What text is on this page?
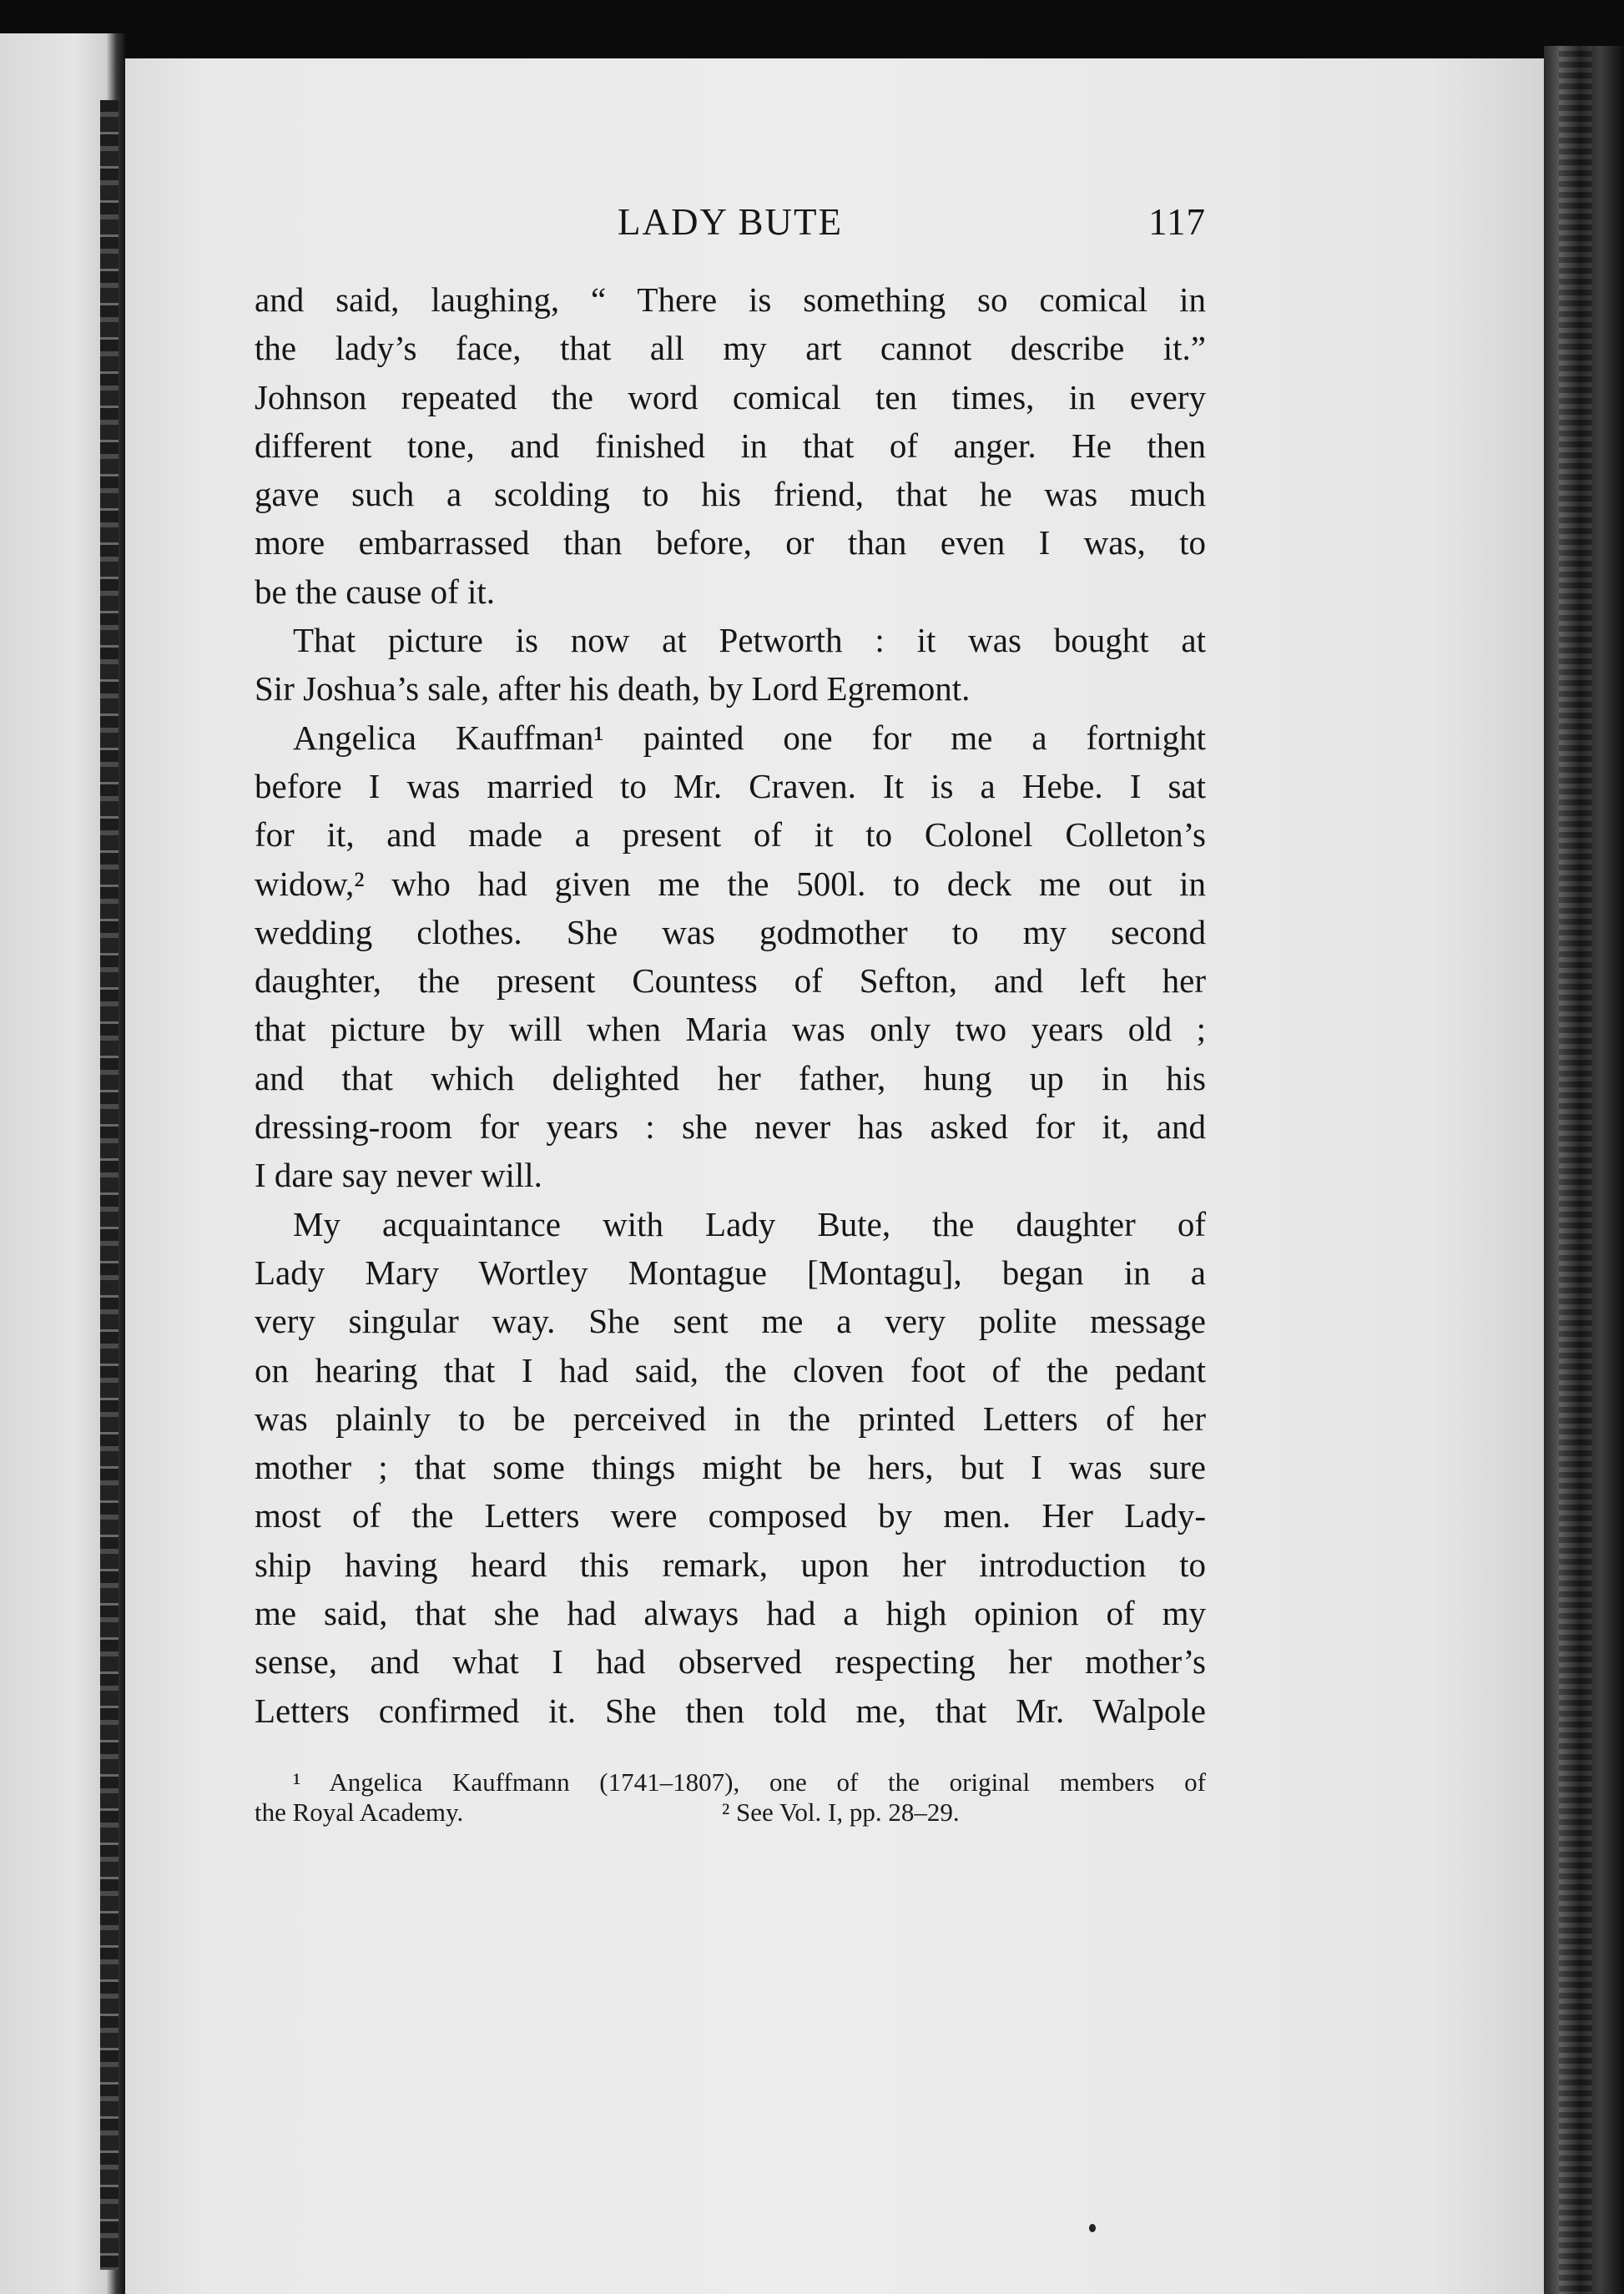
LADY BUTE	117
and said, laughing, “ There is something so comical in
the lady’s face, that all my art cannot describe it.”
Johnson repeated the word comical ten times, in every
different tone, and finished in that of anger. He then
gave such a scolding to his friend, that he was much
more embarrassed than before, or than even I was, to
be the cause of it.
That picture is now at Petworth : it was bought at
Sir Joshua’s sale, after his death, by Lord Egremont.
Angelica Kauffman¹ painted one for me a fortnight
before I was married to Mr. Craven. It is a Hebe. I sat
for it, and made a present of it to Colonel Colleton’s
widow,² who had given me the 500l. to deck me out in
wedding clothes. She was godmother to my second
daughter, the present Countess of Sefton, and left her
that picture by will when Maria was only two years old ;
and that which delighted her father, hung up in his
dressing-room for years : she never has asked for it, and
I dare say never will.
My acquaintance with Lady Bute, the daughter of
Lady Mary Wortley Montague [Montagu], began in a
very singular way. She sent me a very polite message
on hearing that I had said, the cloven foot of the pedant
was plainly to be perceived in the printed Letters of her
mother ; that some things might be hers, but I was sure
most of the Letters were composed by men. Her Lady-
ship having heard this remark, upon her introduction to
me said, that she had always had a high opinion of my
sense, and what I had observed respecting her mother’s
Letters confirmed it. She then told me, that Mr. Walpole
¹ Angelica Kauffmann (1741–1807), one of the original members of
the Royal Academy.	² See Vol. I, pp. 28–29.
